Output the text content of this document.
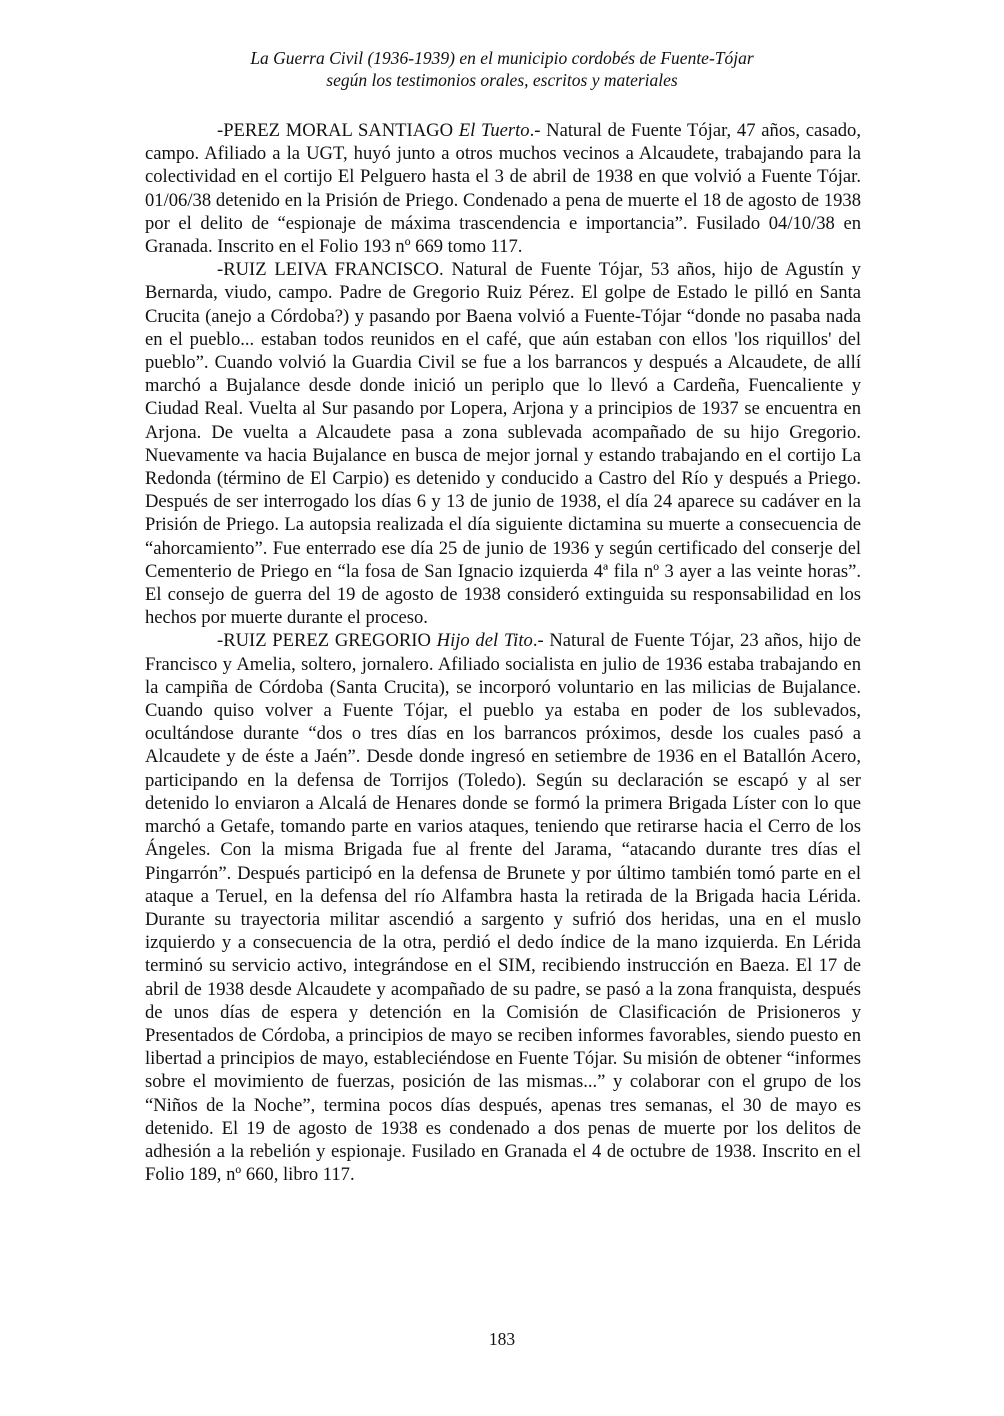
La Guerra Civil (1936-1939) en el municipio cordobés de Fuente-Tójar
según los testimonios orales, escritos y materiales

-PEREZ MORAL SANTIAGO El Tuerto.- Natural de Fuente Tójar, 47 años, casado, campo. Afiliado a la UGT, huyó junto a otros muchos vecinos a Alcaudete, trabajando para la colectividad en el cortijo El Pelguero hasta el 3 de abril de 1938 en que volvió a Fuente Tójar. 01/06/38 detenido en la Prisión de Priego. Condenado a pena de muerte el 18 de agosto de 1938 por el delito de “espionaje de máxima trascendencia e importancia”. Fusilado 04/10/38 en Granada. Inscrito en el Folio 193 nº 669 tomo 117.

-RUIZ LEIVA FRANCISCO. Natural de Fuente Tójar, 53 años, hijo de Agustín y Bernarda, viudo, campo. Padre de Gregorio Ruiz Pérez. El golpe de Estado le pilló en Santa Crucita (anejo a Córdoba?) y pasando por Baena volvió a Fuente-Tójar “donde no pasaba nada en el pueblo... estaban todos reunidos en el café, que aún estaban con ellos 'los riquillos' del pueblo”. Cuando volvió la Guardia Civil se fue a los barrancos y después a Alcaudete, de allí marchó a Bujalance desde donde inició un periplo que lo llevó a Cardeña, Fuencaliente y Ciudad Real. Vuelta al Sur pasando por Lopera, Arjona y a principios de 1937 se encuentra en Arjona. De vuelta a Alcaudete pasa a zona sublevada acompañado de su hijo Gregorio. Nuevamente va hacia Bujalance en busca de mejor jornal y estando trabajando en el cortijo La Redonda (término de El Carpio) es detenido y conducido a Castro del Río y después a Priego. Después de ser interrogado los días 6 y 13 de junio de 1938, el día 24 aparece su cadáver en la Prisión de Priego. La autopsia realizada el día siguiente dictamina su muerte a consecuencia de “ahorcamiento”. Fue enterrado ese día 25 de junio de 1936 y según certificado del conserje del Cementerio de Priego en “la fosa de San Ignacio izquierda 4ª fila nº 3 ayer a las veinte horas”. El consejo de guerra del 19 de agosto de 1938 consideró extinguida su responsabilidad en los hechos por muerte durante el proceso.

-RUIZ PEREZ GREGORIO Hijo del Tito.- Natural de Fuente Tójar, 23 años, hijo de Francisco y Amelia, soltero, jornalero. Afiliado socialista en julio de 1936 estaba trabajando en la campiña de Córdoba (Santa Crucita), se incorporó voluntario en las milicias de Bujalance. Cuando quiso volver a Fuente Tójar, el pueblo ya estaba en poder de los sublevados, ocultándose durante “dos o tres días en los barrancos próximos, desde los cuales pasó a Alcaudete y de éste a Jaén”. Desde donde ingresó en setiembre de 1936 en el Batallón Acero, participando en la defensa de Torrijos (Toledo). Según su declaración se escapó y al ser detenido lo enviaron a Alcalá de Henares donde se formó la primera Brigada Líster con lo que marchó a Getafe, tomando parte en varios ataques, teniendo que retirarse hacia el Cerro de los Ángeles. Con la misma Brigada fue al frente del Jarama, “atacando durante tres días el Pingarrón”. Después participó en la defensa de Brunete y por último también tomó parte en el ataque a Teruel, en la defensa del río Alfambra hasta la retirada de la Brigada hacia Lérida. Durante su trayectoria militar ascendió a sargento y sufrió dos heridas, una en el muslo izquierdo y a consecuencia de la otra, perdió el dedo índice de la mano izquierda. En Lérida terminó su servicio activo, integrándose en el SIM, recibiendo instrucción en Baeza. El 17 de abril de 1938 desde Alcaudete y acompañado de su padre, se pasó a la zona franquista, después de unos días de espera y detención en la Comisión de Clasificación de Prisioneros y Presentados de Córdoba, a principios de mayo se reciben informes favorables, siendo puesto en libertad a principios de mayo, estableciéndose en Fuente Tójar. Su misión de obtener “informes sobre el movimiento de fuerzas, posición de las mismas...” y colaborar con el grupo de los “Niños de la Noche”, termina pocos días después, apenas tres semanas, el 30 de mayo es detenido. El 19 de agosto de 1938 es condenado a dos penas de muerte por los delitos de adhesión a la rebelión y espionaje. Fusilado en Granada el 4 de octubre de 1938. Inscrito en el Folio 189, nº 660, libro 117.

183
